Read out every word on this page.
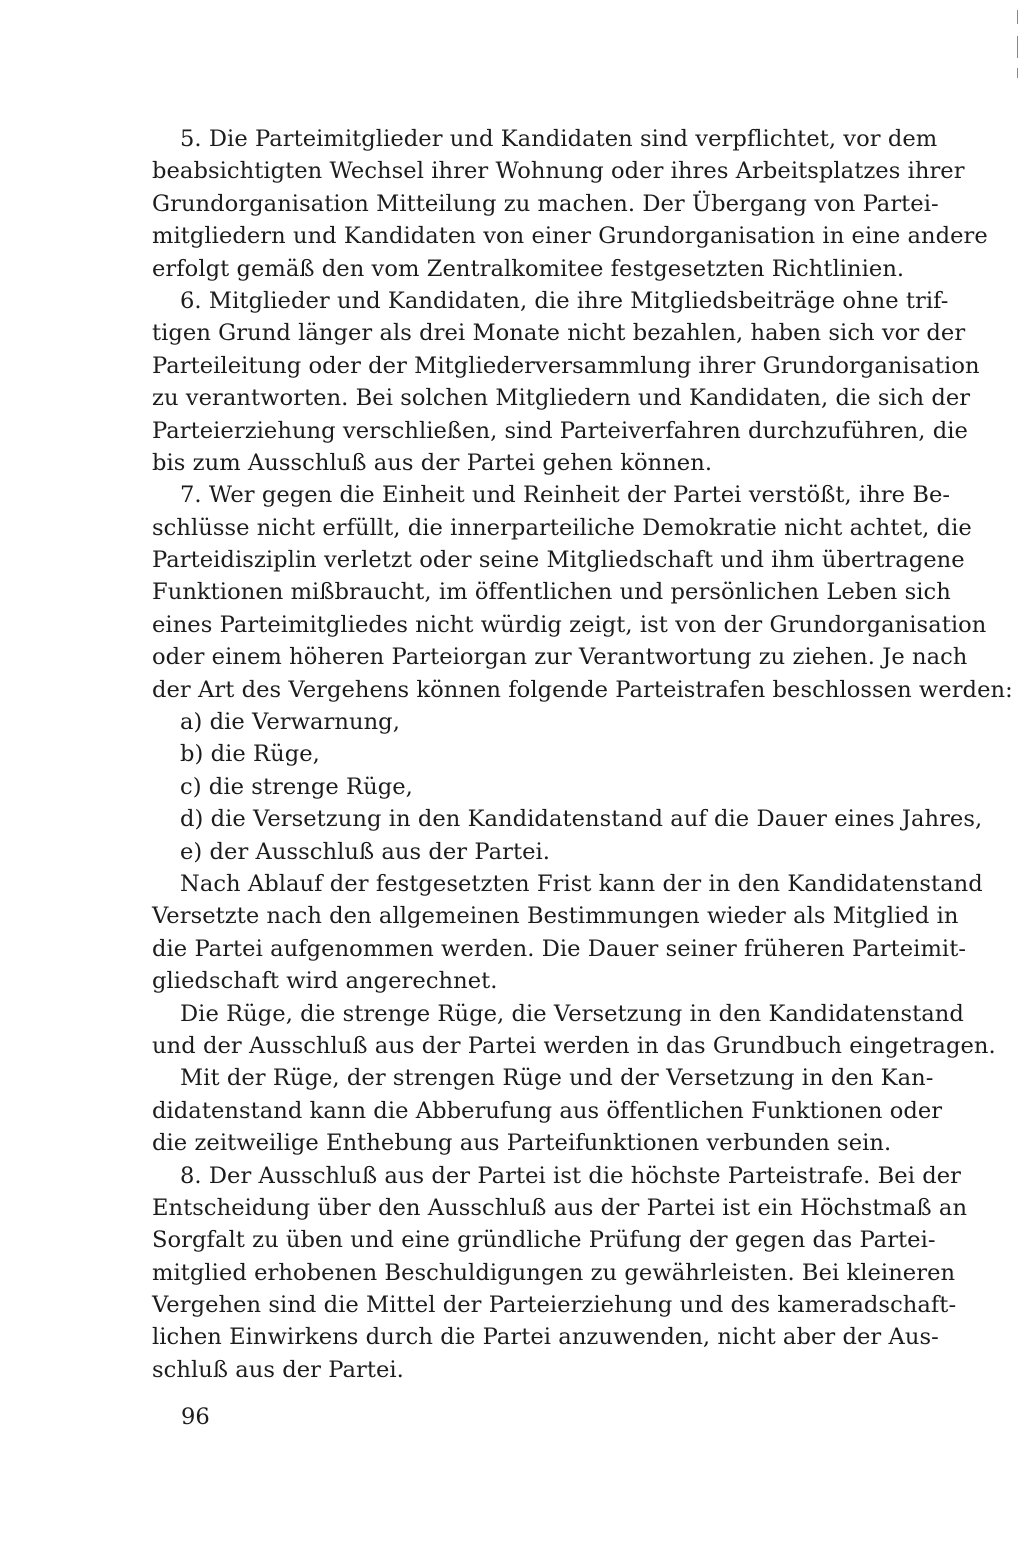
5. Die Parteimitglieder und Kandidaten sind verpflichtet, vor dem
beabsichtigten Wechsel ihrer Wohnung oder ihres Arbeitsplatzes ihrer
Grundorganisation Mitteilung zu machen. Der Übergang von Partei-
mitgliedern und Kandidaten von einer Grundorganisation in eine andere
erfolgt gemäß den vom Zentralkomitee festgesetzten Richtlinien.
6. Mitglieder und Kandidaten, die ihre Mitgliedsbeiträge ohne trif-
tigen Grund länger als drei Monate nicht bezahlen, haben sich vor der
Parteileitung oder der Mitgliederversammlung ihrer Grundorganisation
zu verantworten. Bei solchen Mitgliedern und Kandidaten, die sich der
Parteierziehung verschließen, sind Parteiverfahren durchzuführen, die
bis zum Ausschluß aus der Partei gehen können.
7. Wer gegen die Einheit und Reinheit der Partei verstößt, ihre Be-
schlüsse nicht erfüllt, die innerparteiliche Demokratie nicht achtet, die
Parteidisziplin verletzt oder seine Mitgliedschaft und ihm übertragene
Funktionen mißbraucht, im öffentlichen und persönlichen Leben sich
eines Parteimitgliedes nicht würdig zeigt, ist von der Grundorganisation
oder einem höheren Parteiorgan zur Verantwortung zu ziehen. Je nach
der Art des Vergehens können folgende Parteistrafen beschlossen werden:
a) die Verwarnung,
b) die Rüge,
c) die strenge Rüge,
d) die Versetzung in den Kandidatenstand auf die Dauer eines Jahres,
e) der Ausschluß aus der Partei.
Nach Ablauf der festgesetzten Frist kann der in den Kandidatenstand
Versetzte nach den allgemeinen Bestimmungen wieder als Mitglied in
die Partei aufgenommen werden. Die Dauer seiner früheren Parteimit-
gliedschaft wird angerechnet.
Die Rüge, die strenge Rüge, die Versetzung in den Kandidatenstand
und der Ausschluß aus der Partei werden in das Grundbuch eingetragen.
Mit der Rüge, der strengen Rüge und der Versetzung in den Kan-
didatenstand kann die Abberufung aus öffentlichen Funktionen oder
die zeitweilige Enthebung aus Parteifunktionen verbunden sein.
8. Der Ausschluß aus der Partei ist die höchste Parteistrafe. Bei der
Entscheidung über den Ausschluß aus der Partei ist ein Höchstmaß an
Sorgfalt zu üben und eine gründliche Prüfung der gegen das Partei-
mitglied erhobenen Beschuldigungen zu gewährleisten. Bei kleineren
Vergehen sind die Mittel der Parteierziehung und des kameradschaft-
lichen Einwirkens durch die Partei anzuwenden, nicht aber der Aus-
schluß aus der Partei.
96
